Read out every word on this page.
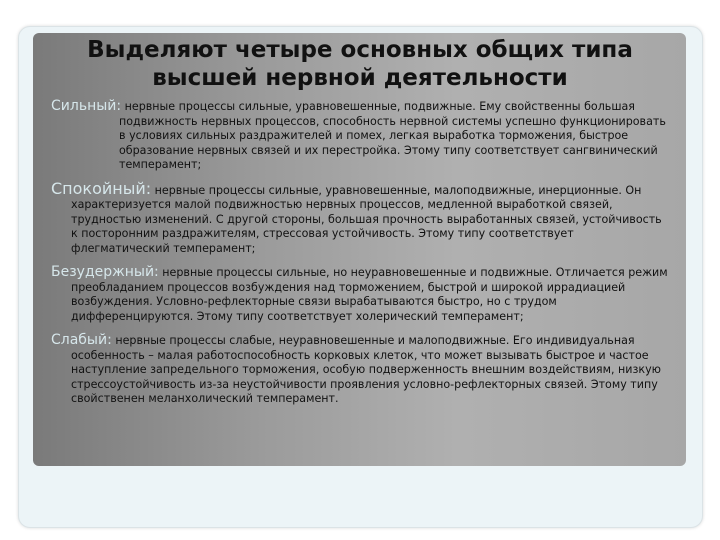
Выделяют четыре основных общих типа
высшей нервной деятельности

Сильный: нервные процессы сильные, уравновешенные, подвижные. Ему свойственны большая подвижность нервных процессов, способность нервной системы успешно функционировать в условиях сильных раздражителей и помех, легкая выработка торможения, быстрое образование нервных связей и их перестройка. Этому типу соответствует сангвинический темперамент;

Спокойный: нервные процессы сильные, уравновешенные, малоподвижные, инерционные. Он характеризуется малой подвижностью нервных процессов, медленной выработкой связей, трудностью изменений. С другой стороны, большая прочность выработанных связей, устойчивость к посторонним раздражителям, стрессовая устойчивость. Этому типу соответствует флегматический темперамент;

Безудержный: нервные процессы сильные, но неуравновешенные и подвижные. Отличается режим преобладанием процессов возбуждения над торможением, быстрой и широкой иррадиацией возбуждения. Условно-рефлекторные связи вырабатываются быстро, но с трудом дифференцируются. Этому типу соответствует холерический темперамент;

Слабый: нервные процессы слабые, неуравновешенные и малоподвижные. Его индивидуальная особенность – малая работоспособность корковых клеток, что может вызывать быстрое и частое наступление запредельного торможения, особую подверженность внешним воздействиям, низкую стрессоустойчивость из-за неустойчивости проявления условно-рефлекторных связей. Этому типу свойственен меланхолический темперамент.
